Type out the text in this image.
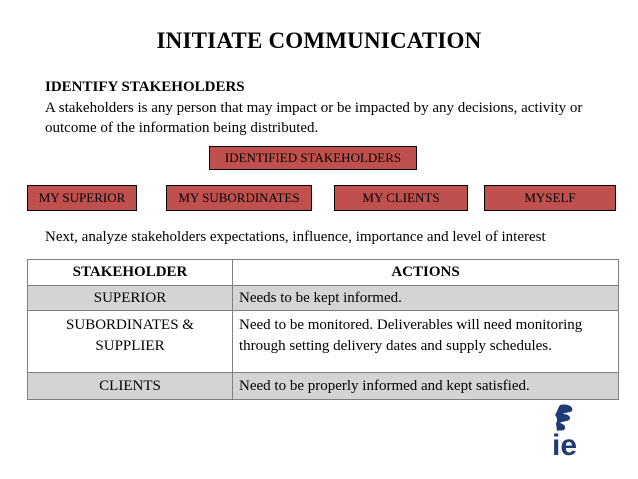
INITIATE COMMUNICATION
IDENTIFY STAKEHOLDERS
A stakeholders is any person that may impact or be impacted by any decisions, activity or outcome of the information being distributed.
IDENTIFIED STAKEHOLDERS
MY SUPERIOR	MY SUBORDINATES	MY CLIENTS	MYSELF
Next, analyze stakeholders expectations, influence, importance and level of interest
STAKEHOLDER	ACTIONS
SUPERIOR	Needs to be kept informed.
SUBORDINATES & SUPPLIER	Need to be monitored. Deliverables will need monitoring through setting delivery dates and supply schedules.
CLIENTS	Need to be properly informed and kept satisfied.
ie
